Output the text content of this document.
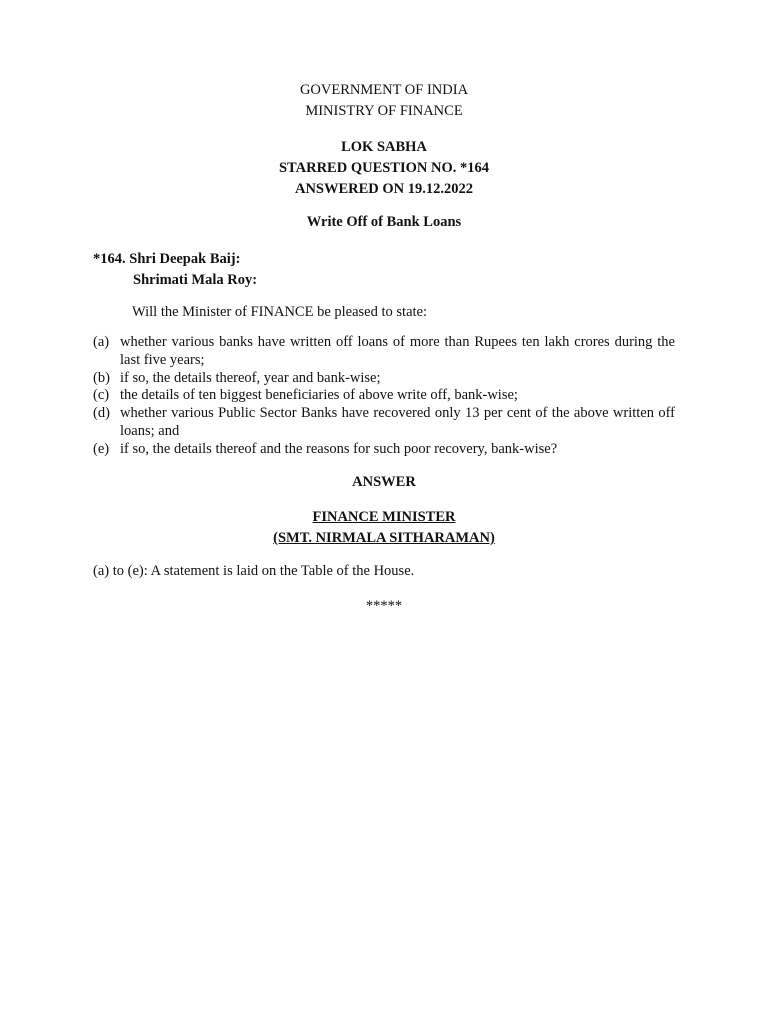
GOVERNMENT OF INDIA
MINISTRY OF FINANCE
LOK SABHA
STARRED QUESTION NO. *164
ANSWERED ON 19.12.2022
Write Off of Bank Loans
*164. Shri Deepak Baij:
Shrimati Mala Roy:
Will the Minister of FINANCE be pleased to state:
(a) whether various banks have written off loans of more than Rupees ten lakh crores during the last five years;
(b) if so, the details thereof, year and bank-wise;
(c) the details of ten biggest beneficiaries of above write off, bank-wise;
(d) whether various Public Sector Banks have recovered only 13 per cent of the above written off loans; and
(e) if so, the details thereof and the reasons for such poor recovery, bank-wise?
ANSWER
FINANCE MINISTER
(SMT. NIRMALA SITHARAMAN)
(a) to (e): A statement is laid on the Table of the House.
*****
